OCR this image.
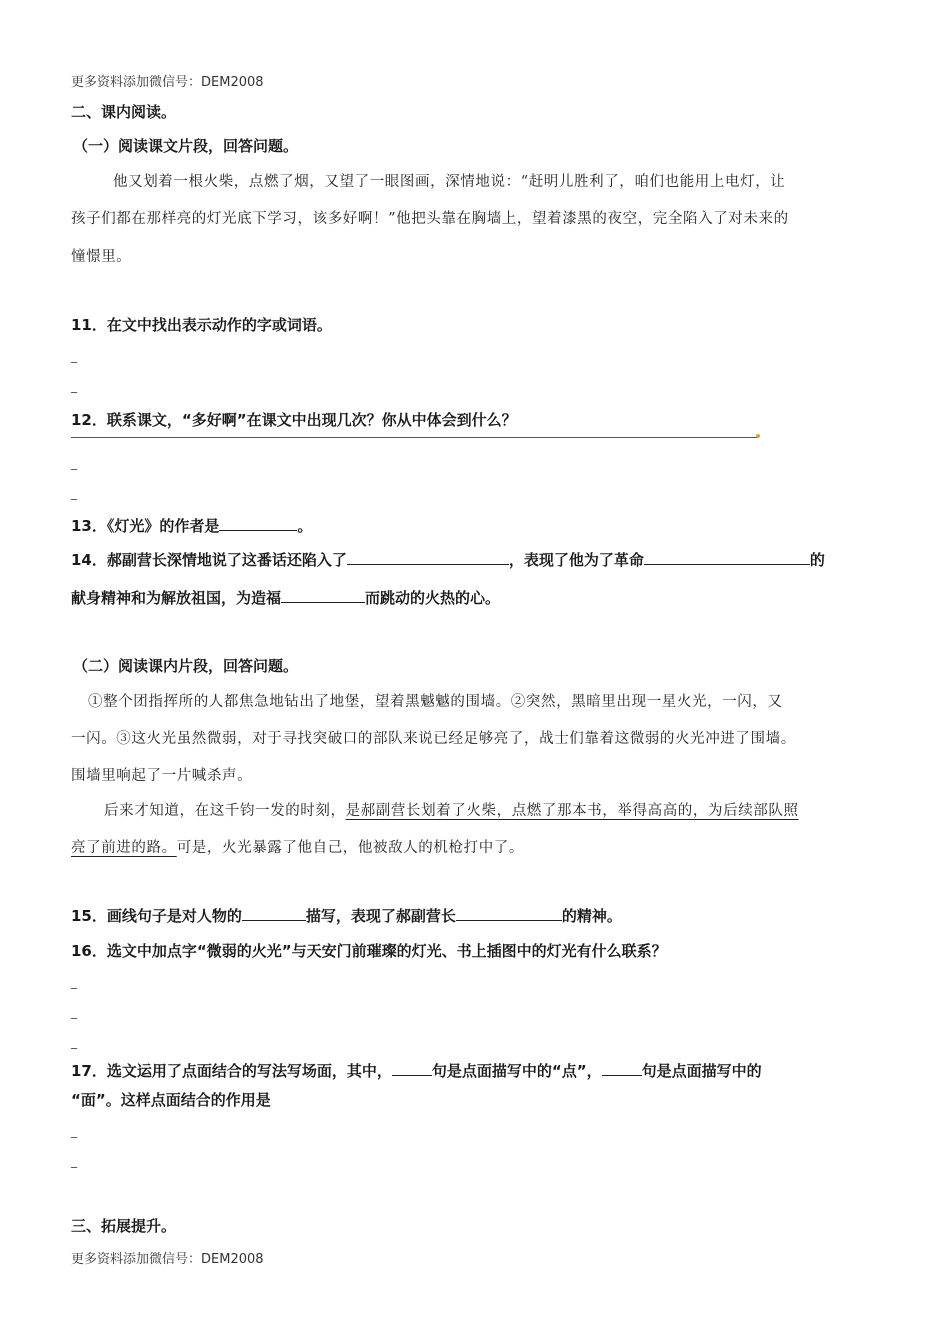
更多资料添加微信号：DEM2008
二、课内阅读。
（一）阅读课文片段，回答问题。
他又划着一根火柴，点燃了烟，又望了一眼图画，深情地说：“赶明儿胜利了，咱们也能用上电灯，让
孩子们都在那样亮的灯光底下学习，该多好啊！”他把头靠在胸墙上，望着漆黑的夜空，完全陷入了对未来的
憧憬里。
11．在文中找出表示动作的字或词语。
_
_
12．联系课文，“多好啊”在课文中出现几次？你从中体会到什么？
_
_
13．《灯光》的作者是	。
14．郝副营长深情地说了这番话还陷入了	，表现了他为了革命	的
献身精神和为解放祖国，为造福	而跳动的火热的心。
（二）阅读课内片段，回答问题。
①整个团指挥所的人都焦急地钻出了地堡，望着黑魆魆的围墙。②突然，黑暗里出现一星火光，一闪，又
一闪。③这火光虽然微弱，对于寻找突破口的部队来说已经足够亮了，战士们靠着这微弱的火光冲进了围墙。
围墙里响起了一片喊杀声。
后来才知道，在这千钧一发的时刻，是郝副营长划着了火柴，点燃了那本书，举得高高的，为后续部队照
亮了前进的路。可是，火光暴露了他自己，他被敌人的机枪打中了。
15．画线句子是对人物的	描写，表现了郝副营长	的精神。
16．选文中加点字“微弱的火光”与天安门前璀璨的灯光、书上插图中的灯光有什么联系？
_
_
_
17．选文运用了点面结合的写法写场面，其中，	句是点面描写中的“点”，	句是点面描写中的
“面”。这样点面结合的作用是
_
_
三、拓展提升。
更多资料添加微信号：DEM2008
